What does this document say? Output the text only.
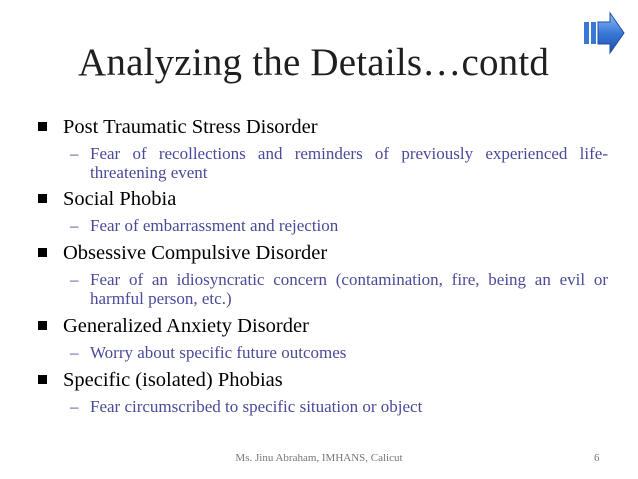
Analyzing the Details…contd
Post Traumatic Stress Disorder
– Fear of recollections and reminders of previously experienced life-threatening event
Social Phobia
– Fear of embarrassment and rejection
Obsessive Compulsive Disorder
– Fear of an idiosyncratic concern (contamination, fire, being an evil or harmful person, etc.)
Generalized Anxiety Disorder
– Worry about specific future outcomes
Specific (isolated) Phobias
– Fear circumscribed to specific situation or object
Ms. Jinu Abraham, IMHANS, Calicut	6
